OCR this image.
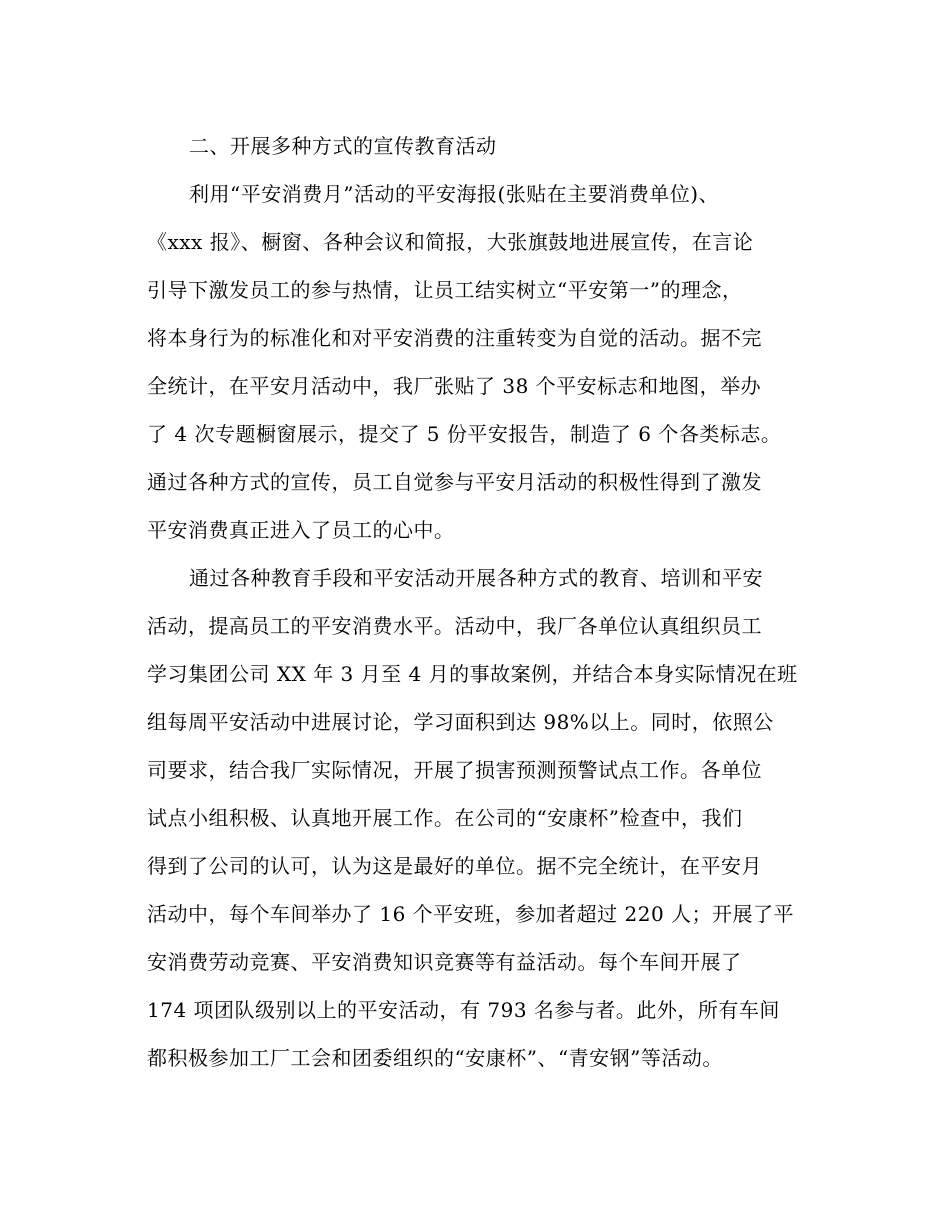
二、开展多种方式的宣传教育活动
利用“平安消费月”活动的平安海报(张贴在主要消费单位)、
《xxx 报》、橱窗、各种会议和简报，大张旗鼓地进展宣传，在言论
引导下激发员工的参与热情，让员工结实树立“平安第一”的理念，
将本身行为的标准化和对平安消费的注重转变为自觉的活动。据不完
全统计，在平安月活动中，我厂张贴了 38 个平安标志和地图，举办
了 4 次专题橱窗展示，提交了 5 份平安报告，制造了 6 个各类标志。
通过各种方式的宣传，员工自觉参与平安月活动的积极性得到了激发
平安消费真正进入了员工的心中。
通过各种教育手段和平安活动开展各种方式的教育、培训和平安
活动，提高员工的平安消费水平。活动中，我厂各单位认真组织员工
学习集团公司 XX 年 3 月至 4 月的事故案例，并结合本身实际情况在班
组每周平安活动中进展讨论，学习面积到达 98%以上。同时，依照公
司要求，结合我厂实际情况，开展了损害预测预警试点工作。各单位
试点小组积极、认真地开展工作。在公司的“安康杯”检查中，我们
得到了公司的认可，认为这是最好的单位。据不完全统计，在平安月
活动中，每个车间举办了 16 个平安班，参加者超过 220 人；开展了平
安消费劳动竞赛、平安消费知识竞赛等有益活动。每个车间开展了
174 项团队级别以上的平安活动，有 793 名参与者。此外，所有车间
都积极参加工厂工会和团委组织的“安康杯”、“青安钢”等活动。
